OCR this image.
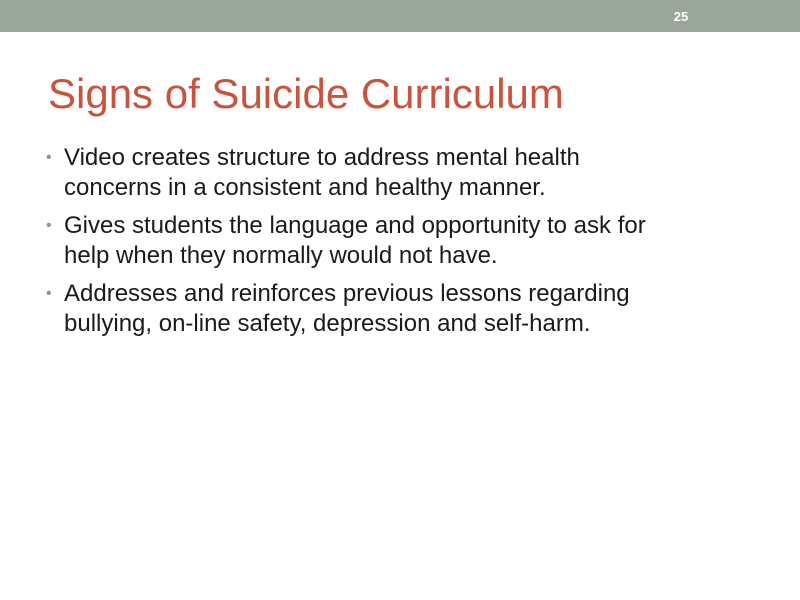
25
Signs of Suicide Curriculum
• Video creates structure to address mental health
concerns in a consistent and healthy manner.
• Gives students the language and opportunity to ask for
help when they normally would not have.
• Addresses and reinforces previous lessons regarding
bullying, on-line safety, depression and self-harm.
